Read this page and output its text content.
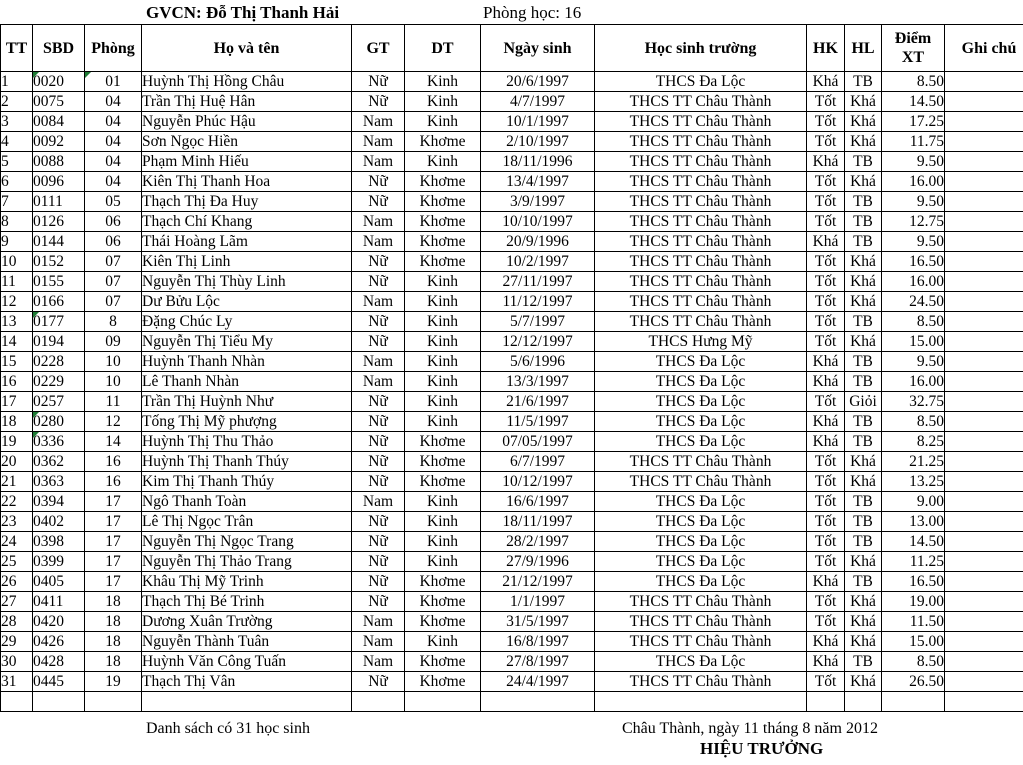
GVCN: Đỗ Thị Thanh Hải	Phòng học: 16
TT	SBD	Phòng	Họ và tên	GT	DT	Ngày sinh	Học sinh trường	HK	HL	Điểm XT	Ghi chú
1	0020	01	Huỳnh Thị Hồng Châu	Nữ	Kinh	20/6/1997	THCS Đa Lộc	Khá	TB	8.50	
2	0075	04	Trần Thị Huệ Hân	Nữ	Kinh	4/7/1997	THCS TT Châu Thành	Tốt	Khá	14.50	
3	0084	04	Nguyễn Phúc Hậu	Nam	Kinh	10/1/1997	THCS TT Châu Thành	Tốt	Khá	17.25	
4	0092	04	Sơn Ngọc Hiền	Nam	Khơme	2/10/1997	THCS TT Châu Thành	Tốt	Khá	11.75	
5	0088	04	Phạm Minh Hiếu	Nam	Kinh	18/11/1996	THCS TT Châu Thành	Khá	TB	9.50	
6	0096	04	Kiên Thị Thanh Hoa	Nữ	Khơme	13/4/1997	THCS TT Châu Thành	Tốt	Khá	16.00	
7	0111	05	Thạch Thị Đa Huy	Nữ	Khơme	3/9/1997	THCS TT Châu Thành	Tốt	TB	9.50	
8	0126	06	Thạch Chí Khang	Nam	Khơme	10/10/1997	THCS TT Châu Thành	Tốt	TB	12.75	
9	0144	06	Thái Hoàng Lãm	Nam	Khơme	20/9/1996	THCS TT Châu Thành	Khá	TB	9.50	
10	0152	07	Kiên Thị Linh	Nữ	Khơme	10/2/1997	THCS TT Châu Thành	Tốt	Khá	16.50	
11	0155	07	Nguyễn Thị Thùy Linh	Nữ	Kinh	27/11/1997	THCS TT Châu Thành	Tốt	Khá	16.00	
12	0166	07	Dư Bửu Lộc	Nam	Kinh	11/12/1997	THCS TT Châu Thành	Tốt	Khá	24.50	
13	0177	8	Đặng Chúc Ly	Nữ	Kinh	5/7/1997	THCS TT Châu Thành	Tốt	TB	8.50	
14	0194	09	Nguyễn Thị Tiểu My	Nữ	Kinh	12/12/1997	THCS Hưng Mỹ	Tốt	Khá	15.00	
15	0228	10	Huỳnh Thanh Nhàn	Nam	Kinh	5/6/1996	THCS Đa Lộc	Khá	TB	9.50	
16	0229	10	Lê Thanh Nhàn	Nam	Kinh	13/3/1997	THCS Đa Lộc	Khá	TB	16.00	
17	0257	11	Trần Thị Huỳnh Như	Nữ	Kinh	21/6/1997	THCS Đa Lộc	Tốt	Giỏi	32.75	
18	0280	12	Tống Thị Mỹ phượng	Nữ	Kinh	11/5/1997	THCS Đa Lộc	Khá	TB	8.50	
19	0336	14	Huỳnh Thị Thu Thảo	Nữ	Khơme	07/05/1997	THCS Đa Lộc	Khá	TB	8.25	
20	0362	16	Huỳnh Thị Thanh Thúy	Nữ	Khơme	6/7/1997	THCS TT Châu Thành	Tốt	Khá	21.25	
21	0363	16	Kim Thị Thanh Thúy	Nữ	Khơme	10/12/1997	THCS TT Châu Thành	Tốt	Khá	13.25	
22	0394	17	Ngô Thanh Toàn	Nam	Kinh	16/6/1997	THCS Đa Lộc	Tốt	TB	9.00	
23	0402	17	Lê Thị Ngọc Trân	Nữ	Kinh	18/11/1997	THCS Đa Lộc	Tốt	TB	13.00	
24	0398	17	Nguyễn Thị Ngọc Trang	Nữ	Kinh	28/2/1997	THCS Đa Lộc	Tốt	TB	14.50	
25	0399	17	Nguyễn Thị Thảo Trang	Nữ	Kinh	27/9/1996	THCS Đa Lộc	Tốt	Khá	11.25	
26	0405	17	Khâu Thị Mỹ Trinh	Nữ	Khơme	21/12/1997	THCS Đa Lộc	Khá	TB	16.50	
27	0411	18	Thạch Thị Bé Trinh	Nữ	Khơme	1/1/1997	THCS TT Châu Thành	Tốt	Khá	19.00	
28	0420	18	Dương Xuân Trường	Nam	Khơme	31/5/1997	THCS TT Châu Thành	Tốt	Khá	11.50	
29	0426	18	Nguyễn Thành Tuân	Nam	Kinh	16/8/1997	THCS TT Châu Thành	Khá	Khá	15.00	
30	0428	18	Huỳnh Văn Công Tuấn	Nam	Khơme	27/8/1997	THCS Đa Lộc	Khá	TB	8.50	
31	0445	19	Thạch Thị Vân	Nữ	Khơme	24/4/1997	THCS TT Châu Thành	Tốt	Khá	26.50	

Danh sách có 31 học sinh	Châu Thành, ngày 11 tháng 8 năm 2012
HIỆU TRƯỞNG
